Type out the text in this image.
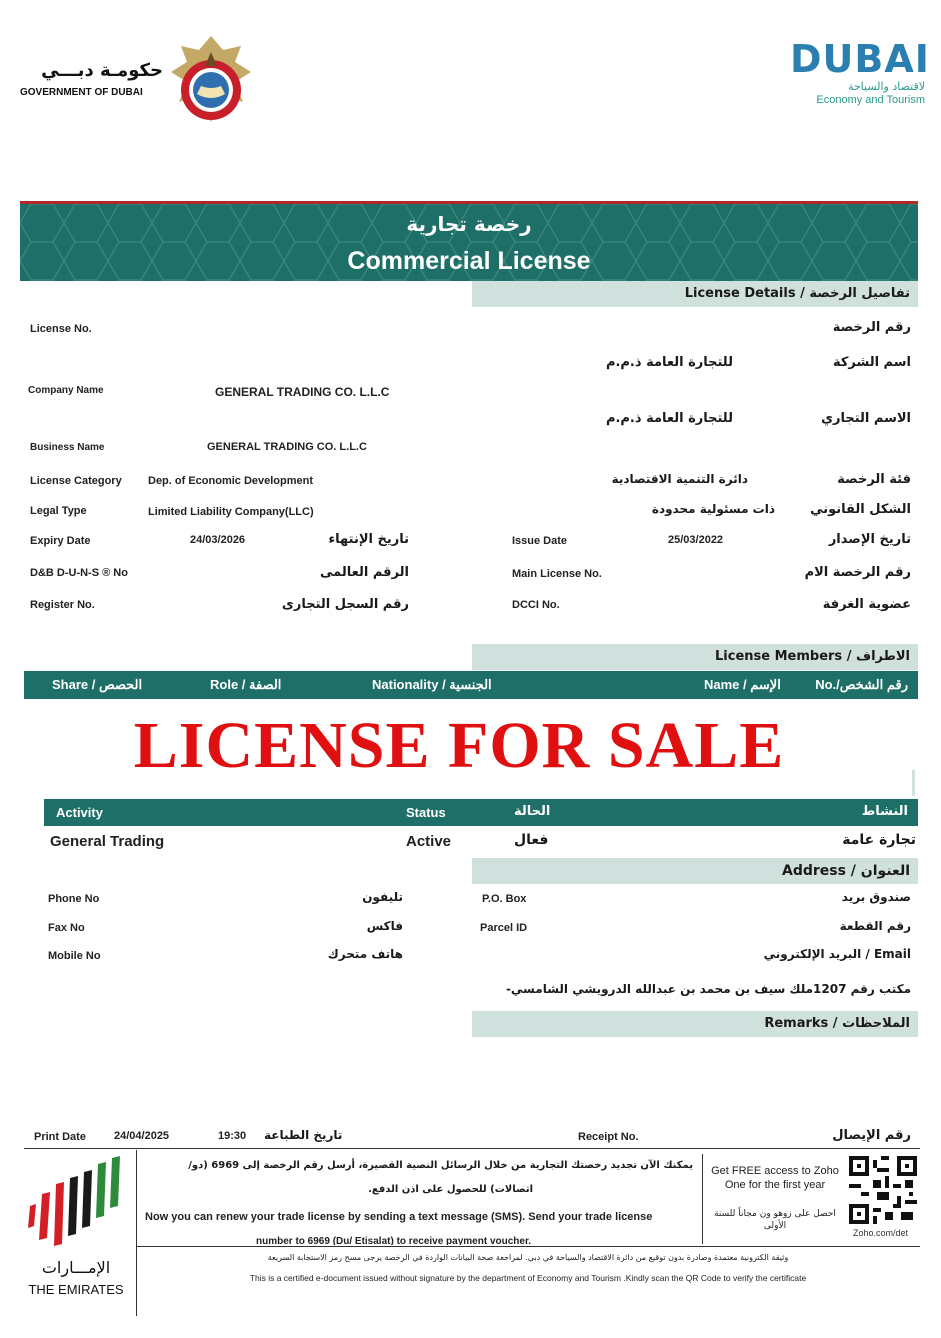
حكومـة دبـــي
GOVERNMENT OF DUBAI
DUBAI
لاقتصاد والسياحة
Economy and Tourism
رخصة تجارية
Commercial License
License Details / تفاصيل الرخصة
License No.	رقم الرخصة
اسم الشركة
للتجارة العامة ذ.م.م
Company Name	GENERAL TRADING CO. L.L.C
الاسم التجاري
للتجارة العامة ذ.م.م
Business Name	GENERAL TRADING CO. L.L.C
License Category Dep. of Economic Development	دائرة التنمية الاقتصادية	فئة الرخصة
Legal Type	Limited Liability Company(LLC)	ذات مسئولية محدودة	الشكل القانوني
Expiry Date	24/03/2026	تاريخ الإنتهاء	Issue Date	25/03/2022	تاريخ الإصدار
D&B D-U-N-S ® No	الرقم العالمى	Main License No.	رقم الرخصة الام
Register No.	رقم السجل التجارى	DCCI No.	عضوية الغرفة
License Members / الاطراف
Share / الحصص	Role / الصفة	Nationality / الجنسية	Name / الإسم	No./رقم الشخص
LICENSE FOR SALE
Activity	Status	الحالة	النشاط
General Trading	Active	فعال	تجارة عامة
Address / العنوان
Phone No	تليفون	P.O. Box	صندوق بريد
Fax No	فاكس	Parcel ID	رقم القطعة
Mobile No	هاتف متحرك	البريد الإلكتروني / Email
مكتب رقم 1207ملك سيف بن محمد بن عبدالله الدرويشي الشامسي-
Remarks / الملاحظات
Print Date	24/04/2025	19:30 تاريخ الطباعة	Receipt No.	رقم الإيصال
الإمـــارات
THE EMIRATES
يمكنك الآن تجديد رخصتك التجارية من خلال الرسائل النصية القصيرة، أرسل رقم الرخصة إلى 6969 (دو/
اتصالات) للحصول على اذن الدفع.
Now you can renew your trade license by sending a text message (SMS). Send your trade license
number to 6969 (Du/ Etisalat) to receive payment voucher.
Get FREE access to Zoho One for the first year
احصل على زوهو ون مجاناً للسنة الأولى
Zoho.com/det
وثيقة الكترونية معتمدة وصادرة بدون توقيع من دائرة الاقتصاد والسياحة في دبي. لمراجعة صحة البيانات الواردة في الرخصة يرجى مسح رمز الاستجابة السريعة
This is a certified e-document issued without signature by the department of Economy and Tourism .Kindly scan the QR Code to verify the certificate
